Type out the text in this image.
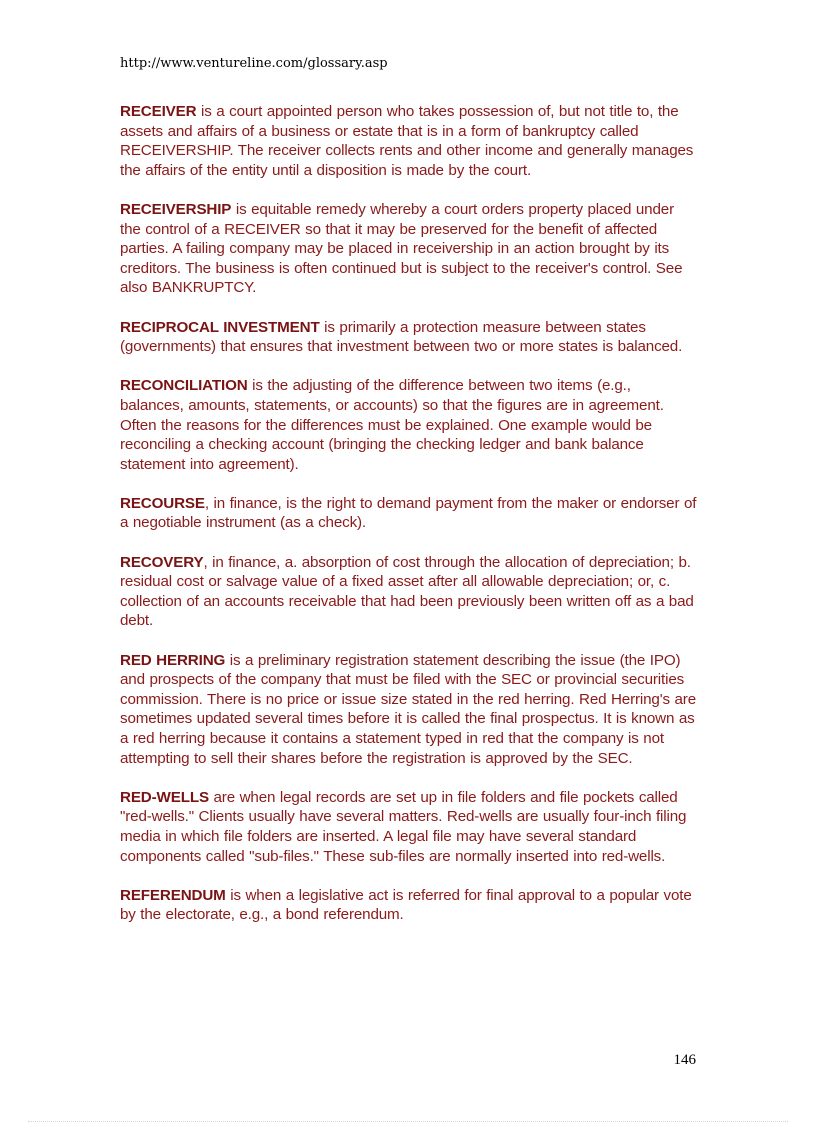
http://www.ventureline.com/glossary.asp

RECEIVER is a court appointed person who takes possession of, but not title to, the assets and affairs of a business or estate that is in a form of bankruptcy called RECEIVERSHIP. The receiver collects rents and other income and generally manages the affairs of the entity until a disposition is made by the court.

RECEIVERSHIP is equitable remedy whereby a court orders property placed under the control of a RECEIVER so that it may be preserved for the benefit of affected parties. A failing company may be placed in receivership in an action brought by its creditors. The business is often continued but is subject to the receiver's control. See also BANKRUPTCY.

RECIPROCAL INVESTMENT is primarily a protection measure between states (governments) that ensures that investment between two or more states is balanced.

RECONCILIATION is the adjusting of the difference between two items (e.g., balances, amounts, statements, or accounts) so that the figures are in agreement. Often the reasons for the differences must be explained. One example would be reconciling a checking account (bringing the checking ledger and bank balance statement into agreement).

RECOURSE, in finance, is the right to demand payment from the maker or endorser of a negotiable instrument (as a check).

RECOVERY, in finance, a. absorption of cost through the allocation of depreciation; b. residual cost or salvage value of a fixed asset after all allowable depreciation; or, c. collection of an accounts receivable that had been previously been written off as a bad debt.

RED HERRING is a preliminary registration statement describing the issue (the IPO) and prospects of the company that must be filed with the SEC or provincial securities commission. There is no price or issue size stated in the red herring. Red Herring's are sometimes updated several times before it is called the final prospectus. It is known as a red herring because it contains a statement typed in red that the company is not attempting to sell their shares before the registration is approved by the SEC.

RED-WELLS are when legal records are set up in file folders and file pockets called "red-wells." Clients usually have several matters. Red-wells are usually four-inch filing media in which file folders are inserted. A legal file may have several standard components called "sub-files." These sub-files are normally inserted into red-wells.

REFERENDUM is when a legislative act is referred for final approval to a popular vote by the electorate, e.g., a bond referendum.

146
